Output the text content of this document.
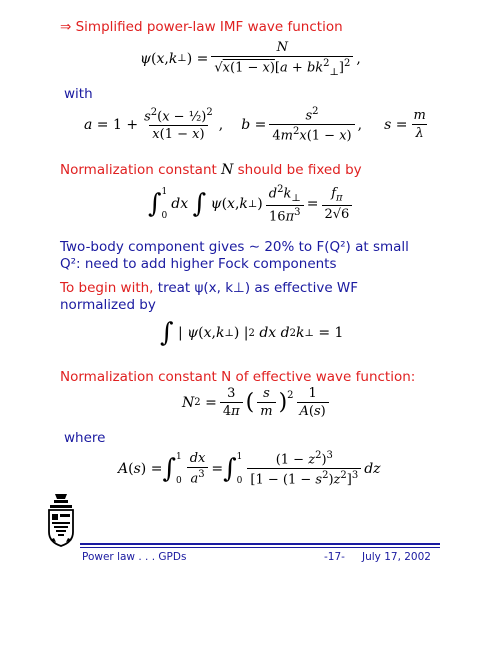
⇒ Simplified power-law IMF wave function
ψ ( x , k ⊥ ) = $\frac{N}{√x(1 - x)[a + bk^2_\perp]^2}$ ,
with
$a = 1 + \frac{s^2(x - \frac{1}{2})^2}{x(1 - x)}$ , $b = \frac{s^2}{4m^2x(1 - x)}$ , $s = \frac{m}{\lambda}$
Normalization constant N should be fixed by
∫ 1
0
dx
∫
ψ ( x , k ⊥ ) $\frac{d^2k_\perp}{16\pi^3} = \frac{f_\pi}{2√6}$
Two-body component gives ∼ 20% to F(Q²) at small
Q²: need to add higher Fock components
To begin with, treat ψ(x, k⊥) as effective WF
normalized by
∫ | ψ ( x , k ⊥ ) | 2
dx d 2 k ⊥ = 1
Normalization constant N of effective wave function:
N $2 = \frac{3}{4\pi}$ ( $\frac{s}{m} )^2 \frac{1}{A(s)}$
where
A ( s ) = ∫ 1
$0 \frac{dx}{a^3}$ = ∫ 1
$0 \frac{(1 - z^2)^3}{[1 - (1 - s^2)z^2]^3}$ dz
Power law . . . GPDs	-17- July 17, 2002
